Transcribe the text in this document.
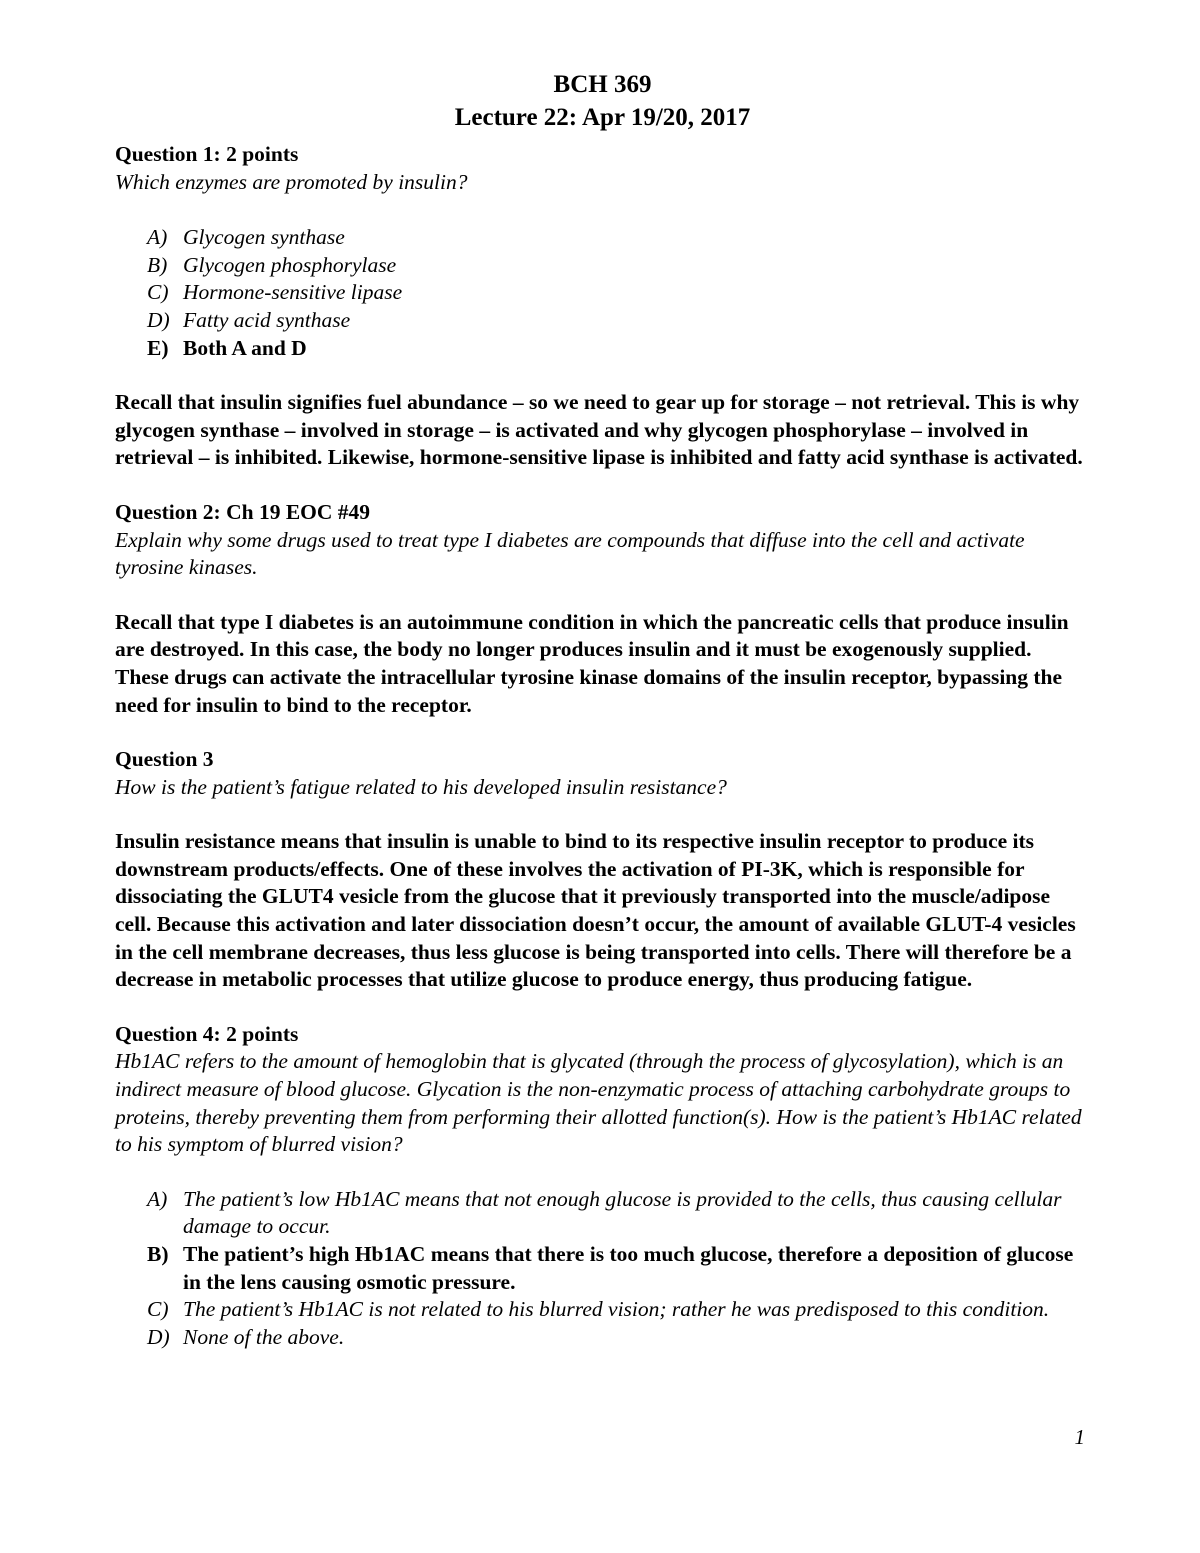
BCH 369

Lecture 22: Apr 19/20, 2017

Question 1: 2 points

Which enzymes are promoted by insulin?

A) Glycogen synthase
B) Glycogen phosphorylase
C) Hormone-sensitive lipase
D) Fatty acid synthase
E) Both A and D

Recall that insulin signifies fuel abundance – so we need to gear up for storage – not retrieval. This is why glycogen synthase – involved in storage – is activated and why glycogen phosphorylase – involved in retrieval – is inhibited. Likewise, hormone-sensitive lipase is inhibited and fatty acid synthase is activated.

Question 2: Ch 19 EOC #49

Explain why some drugs used to treat type I diabetes are compounds that diffuse into the cell and activate tyrosine kinases.

Recall that type I diabetes is an autoimmune condition in which the pancreatic cells that produce insulin are destroyed. In this case, the body no longer produces insulin and it must be exogenously supplied. These drugs can activate the intracellular tyrosine kinase domains of the insulin receptor, bypassing the need for insulin to bind to the receptor.

Question 3

How is the patient’s fatigue related to his developed insulin resistance?

Insulin resistance means that insulin is unable to bind to its respective insulin receptor to produce its downstream products/effects. One of these involves the activation of PI-3K, which is responsible for dissociating the GLUT4 vesicle from the glucose that it previously transported into the muscle/adipose cell. Because this activation and later dissociation doesn’t occur, the amount of available GLUT-4 vesicles in the cell membrane decreases, thus less glucose is being transported into cells. There will therefore be a decrease in metabolic processes that utilize glucose to produce energy, thus producing fatigue.

Question 4: 2 points

Hb1AC refers to the amount of hemoglobin that is glycated (through the process of glycosylation), which is an indirect measure of blood glucose. Glycation is the non-enzymatic process of attaching carbohydrate groups to proteins, thereby preventing them from performing their allotted function(s). How is the patient’s Hb1AC related to his symptom of blurred vision?

A) The patient’s low Hb1AC means that not enough glucose is provided to the cells, thus causing cellular damage to occur.
B) The patient’s high Hb1AC means that there is too much glucose, therefore a deposition of glucose in the lens causing osmotic pressure.
C) The patient’s Hb1AC is not related to his blurred vision; rather he was predisposed to this condition.
D) None of the above.
1
